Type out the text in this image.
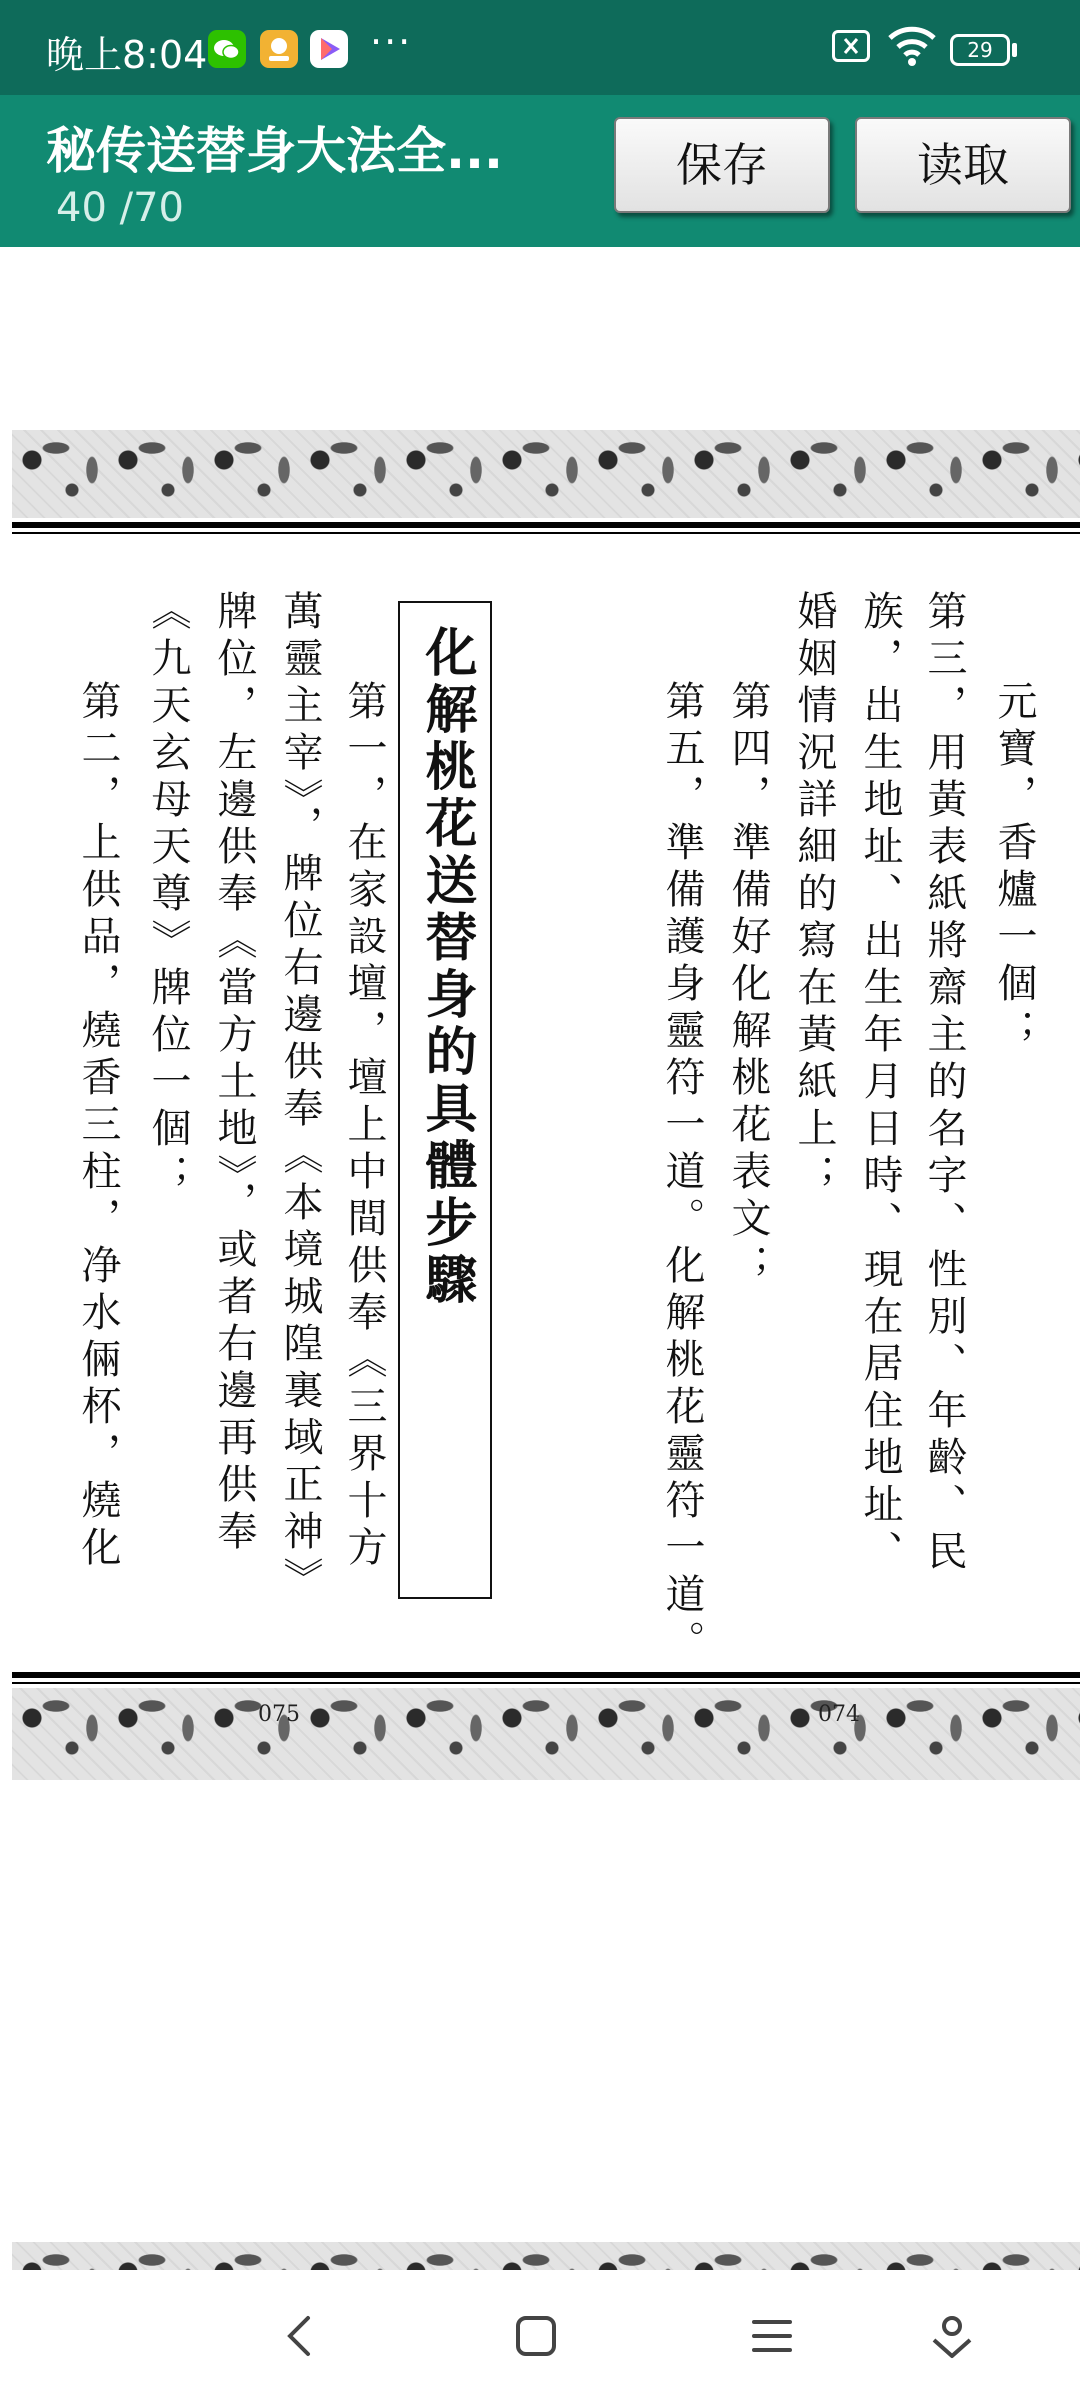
晚上8:04	···	29
秘传送替身大法全...
40 /70
保存	读取
元寶，香爐一個；
第三，用黃表紙將齋主的名字、性別、年齡、民
族，出生地址、出生年月日時、現在居住地址、
婚姻情況詳細的寫在黃紙上；
第四，準備好化解桃花表文；
第五，準備護身靈符一道。化解桃花靈符一道。
化解桃花送替身的具體步驟
第一，在家設壇，壇上中間供奉《三界十方
萬靈主宰》，牌位右邊供奉《本境城隍裏域正神》
牌位，左邊供奉《當方土地》，或者右邊再供奉
《九天玄母天尊》牌位一個；
第二，上供品，燒香三柱，净水倆杯，燒化
075	074
